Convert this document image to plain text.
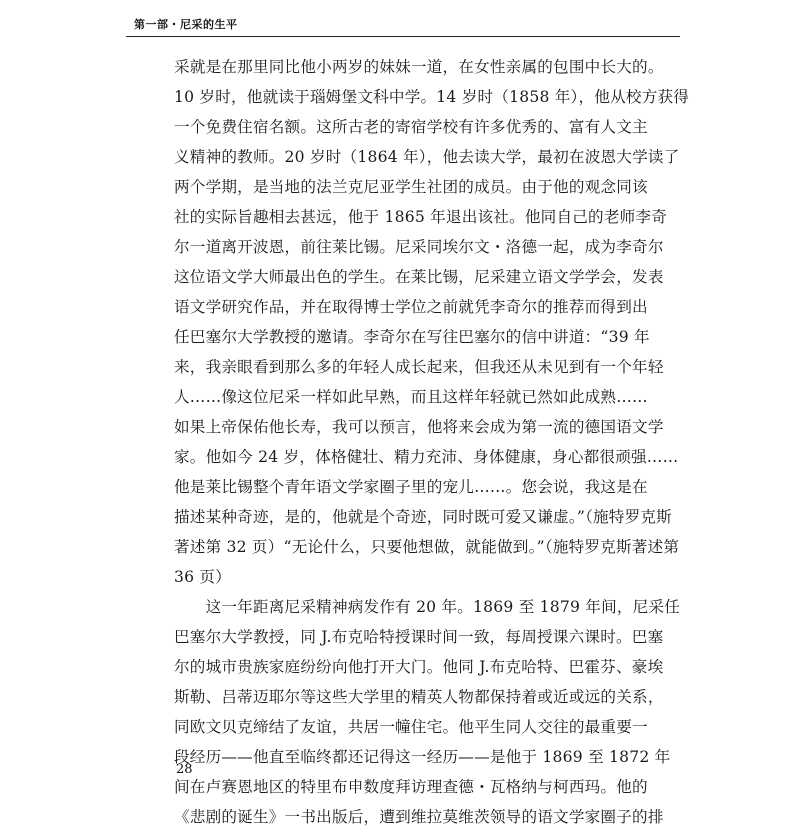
第一部・尼采的生平
采就是在那里同比他小两岁的妹妹一道，在女性亲属的包围中长大的。
10 岁时，他就读于瑙姆堡文科中学。14 岁时（1858 年），他从校方获得
一个免费住宿名额。这所古老的寄宿学校有许多优秀的、富有人文主
义精神的教师。20 岁时（1864 年），他去读大学，最初在波恩大学读了
两个学期，是当地的法兰克尼亚学生社团的成员。由于他的观念同该
社的实际旨趣相去甚远，他于 1865 年退出该社。他同自己的老师李奇
尔一道离开波恩，前往莱比锡。尼采同埃尔文・洛德一起，成为李奇尔
这位语文学大师最出色的学生。在莱比锡，尼采建立语文学学会，发表
语文学研究作品，并在取得博士学位之前就凭李奇尔的推荐而得到出
任巴塞尔大学教授的邀请。李奇尔在写往巴塞尔的信中讲道：“39 年
来，我亲眼看到那么多的年轻人成长起来，但我还从未见到有一个年轻
人……像这位尼采一样如此早熟，而且这样年轻就已然如此成熟……
如果上帝保佑他长寿，我可以预言，他将来会成为第一流的德国语文学
家。他如今 24 岁，体格健壮、精力充沛、身体健康，身心都很顽强……
他是莱比锡整个青年语文学家圈子里的宠儿……。您会说，我这是在
描述某种奇迹，是的，他就是个奇迹，同时既可爱又谦虚。”（施特罗克斯
著述第 32 页）“无论什么，只要他想做，就能做到。”（施特罗克斯著述第
36 页）
　　这一年距离尼采精神病发作有 20 年。1869 至 1879 年间，尼采任
巴塞尔大学教授，同 J.布克哈特授课时间一致，每周授课六课时。巴塞
尔的城市贵族家庭纷纷向他打开大门。他同 J.布克哈特、巴霍芬、豪埃
斯勒、吕蒂迈耶尔等这些大学里的精英人物都保持着或近或远的关系，
同欧文贝克缔结了友谊，共居一幢住宅。他平生同人交往的最重要一
段经历——他直至临终都还记得这一经历——是他于 1869 至 1872 年
间在卢赛恩地区的特里布申数度拜访理查德・瓦格纳与柯西玛。他的
《悲剧的诞生》一书出版后，遭到维拉莫维茨领导的语文学家圈子的排
28
